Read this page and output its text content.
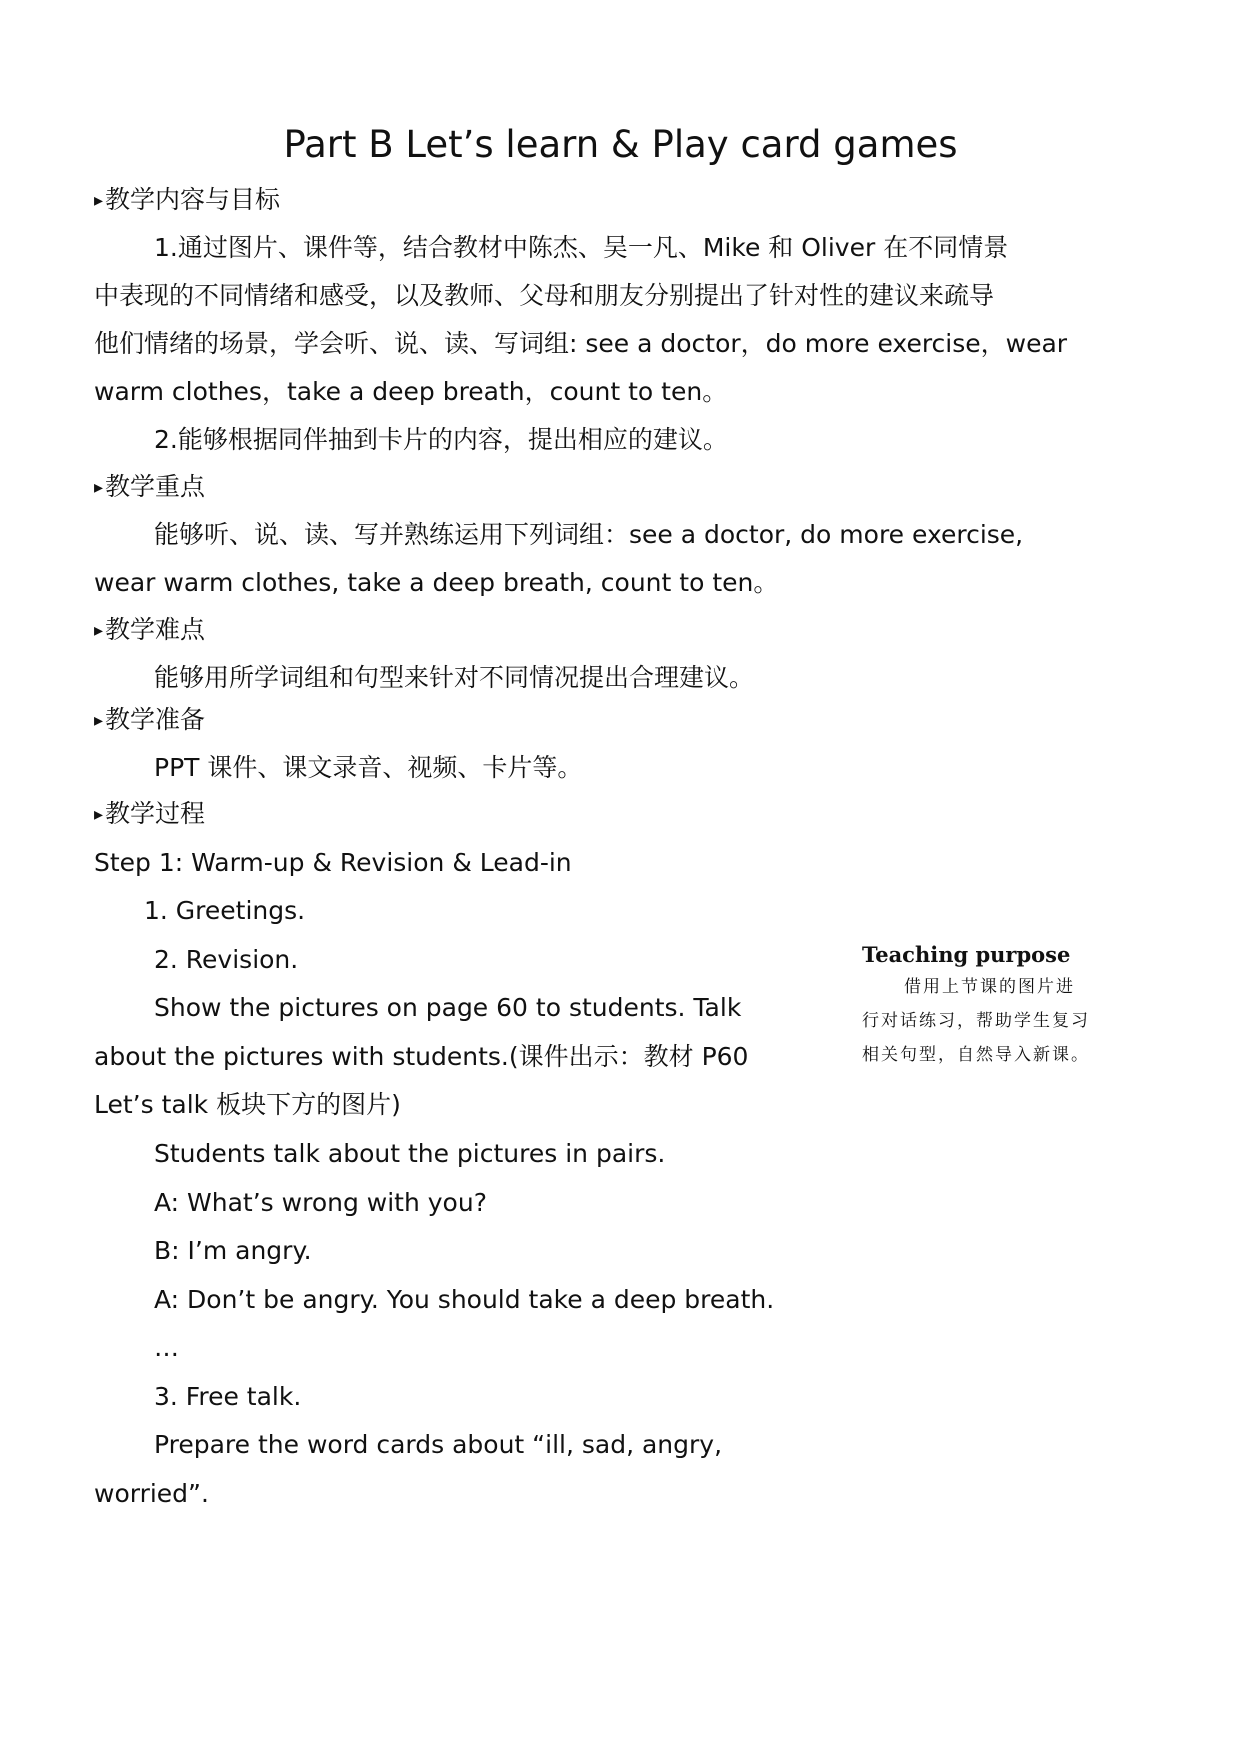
Part B Let’s learn & Play card games
▸ 教学内容与目标
1.通过图片、课件等，结合教材中陈杰、吴一凡、Mike 和 Oliver 在不同情景
中表现的不同情绪和感受，以及教师、父母和朋友分别提出了针对性的建议来疏导
他们情绪的场景，学会听、说、读、写词组: see a doctor，do more exercise，wear
warm clothes，take a deep breath，count to ten。
2.能够根据同伴抽到卡片的内容，提出相应的建议。
▸ 教学重点
能够听、说、读、写并熟练运用下列词组：see a doctor, do more exercise,
wear warm clothes, take a deep breath, count to ten。
▸ 教学难点
能够用所学词组和句型来针对不同情况提出合理建议。
▸ 教学准备
PPT 课件、课文录音、视频、卡片等。
▸ 教学过程
Step 1: Warm-up & Revision & Lead-in
1. Greetings.
2. Revision.
Show the pictures on page 60 to students. Talk
about the pictures with students.(课件出示：教材 P60
Let’s talk 板块下方的图片)
Students talk about the pictures in pairs.
A: What’s wrong with you?
B: I’m angry.
A: Don’t be angry. You should take a deep breath.
…
3. Free talk.
Prepare the word cards about “ill, sad, angry,
worried”.
Teaching purpose
借用上节课的图片进
行对话练习，帮助学生复习
相关句型，自然导入新课。
